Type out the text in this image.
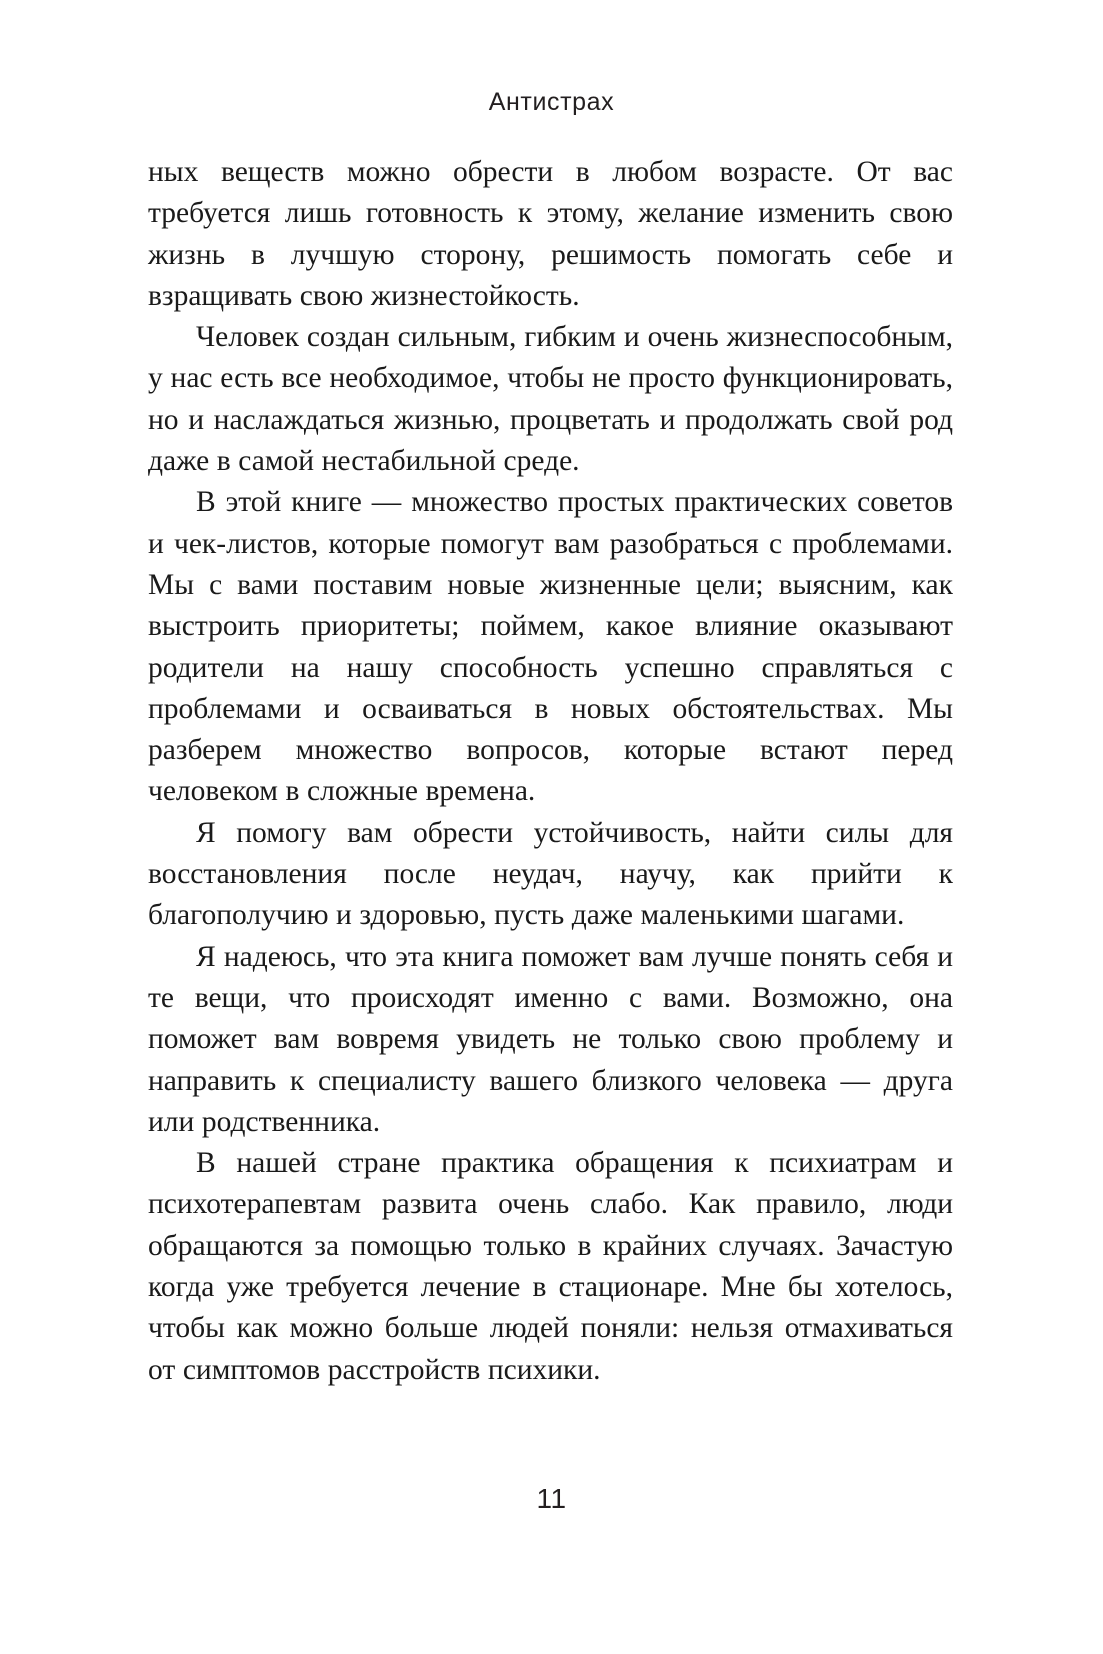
Антистрах

ных веществ можно обрести в любом возрасте. От вас требуется лишь готовность к этому, желание изменить свою жизнь в лучшую сторону, решимость помогать себе и взращивать свою жизнестойкость.

Человек создан сильным, гибким и очень жизнеспособным, у нас есть все необходимое, чтобы не просто функционировать, но и наслаждаться жизнью, процветать и продолжать свой род даже в самой нестабильной среде.

В этой книге — множество простых практических советов и чек-листов, которые помогут вам разобраться с проблемами. Мы с вами поставим новые жизненные цели; выясним, как выстроить приоритеты; поймем, какое влияние оказывают родители на нашу способность успешно справляться с проблемами и осваиваться в новых обстоятельствах. Мы разберем множество вопросов, которые встают перед человеком в сложные времена.

Я помогу вам обрести устойчивость, найти силы для восстановления после неудач, научу, как прийти к благополучию и здоровью, пусть даже маленькими шагами.

Я надеюсь, что эта книга поможет вам лучше понять себя и те вещи, что происходят именно с вами. Возможно, она поможет вам вовремя увидеть не только свою проблему и направить к специалисту вашего близкого человека — друга или родственника.

В нашей стране практика обращения к психиатрам и психотерапевтам развита очень слабо. Как правило, люди обращаются за помощью только в крайних случаях. Зачастую когда уже требуется лечение в стационаре. Мне бы хотелось, чтобы как можно больше людей поняли: нельзя отмахиваться от симптомов расстройств психики.

11
